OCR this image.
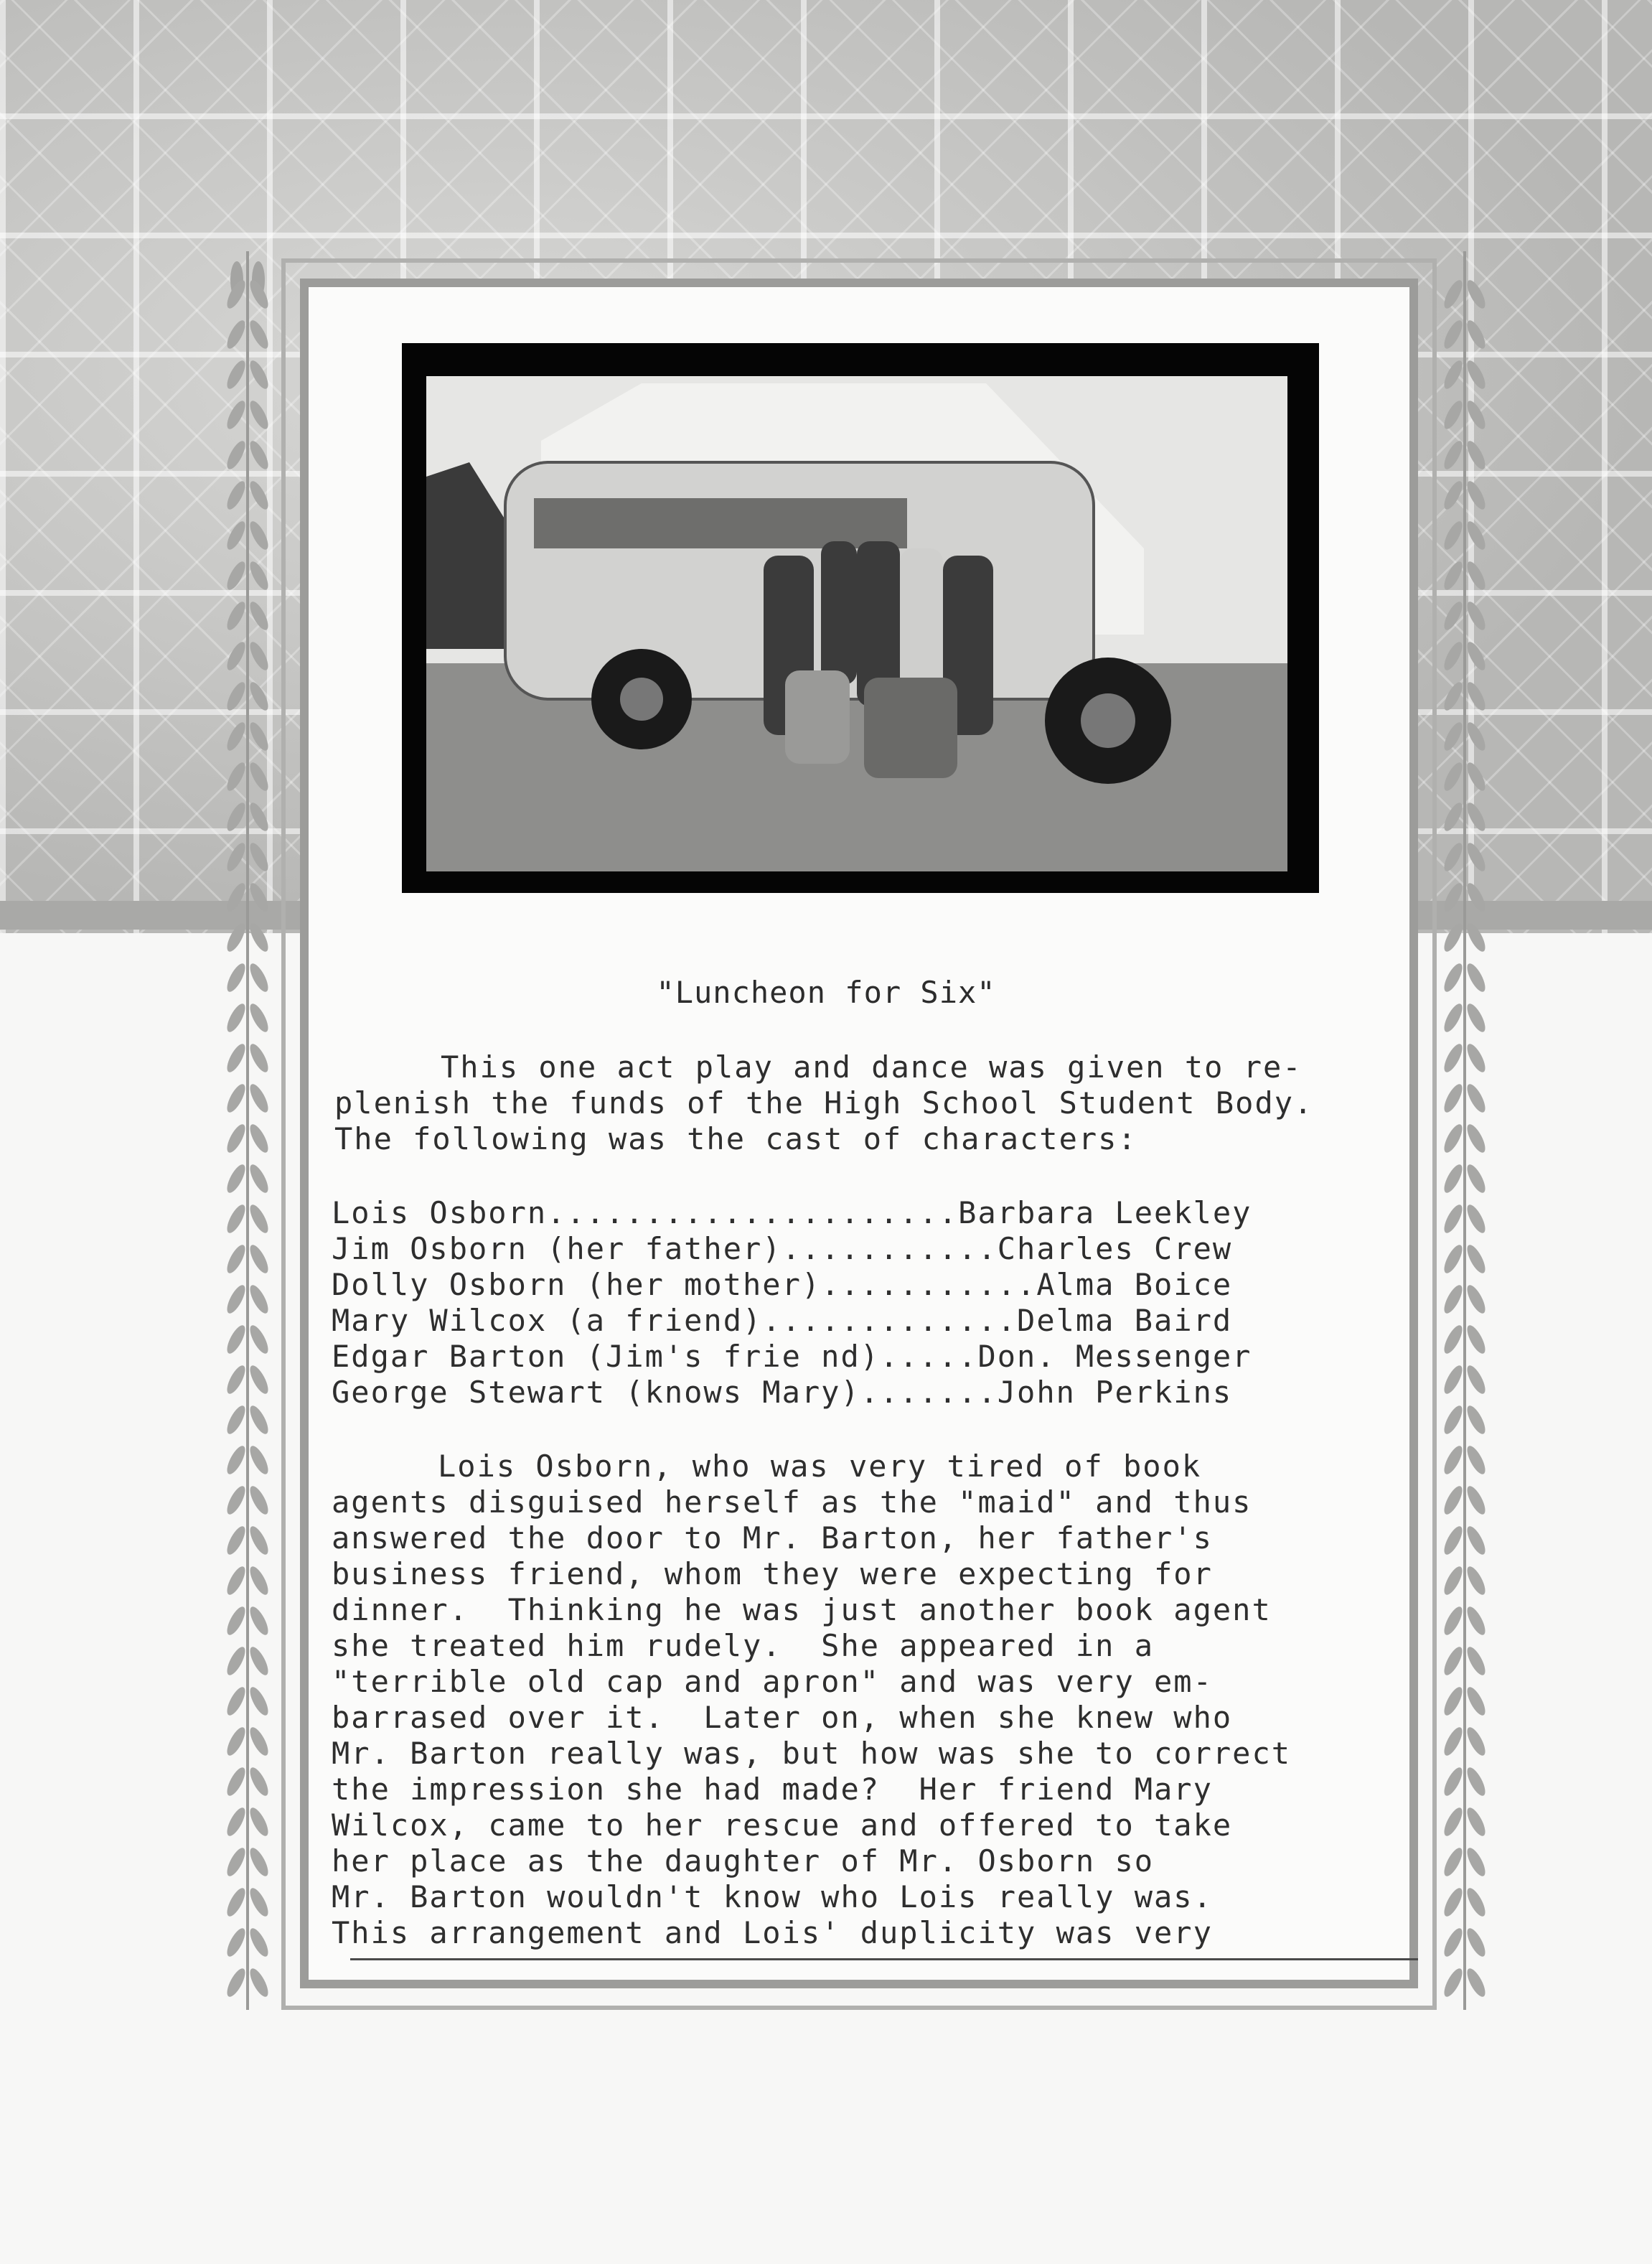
"Luncheon for Six"
This one act play and dance was given to re-
plenish the funds of the High School Student Body.
The following was the cast of characters:
Lois Osborn.....................Barbara Leekley
Jim Osborn (her father)...........Charles Crew
Dolly Osborn (her mother)...........Alma Boice
Mary Wilcox (a friend).............Delma Baird
Edgar Barton (Jim's frie nd).....Don. Messenger
George Stewart (knows Mary).......John Perkins
Lois Osborn, who was very tired of book
agents disguised herself as the "maid" and thus
answered the door to Mr. Barton, her father's
business friend, whom they were expecting for
dinner.  Thinking he was just another book agent
she treated him rudely.  She appeared in a
"terrible old cap and apron" and was very em-
barrased over it.  Later on, when she knew who
Mr. Barton really was, but how was she to correct
the impression she had made?  Her friend Mary
Wilcox, came to her rescue and offered to take
her place as the daughter of Mr. Osborn so
Mr. Barton wouldn't know who Lois really was.
This arrangement and Lois' duplicity was very
